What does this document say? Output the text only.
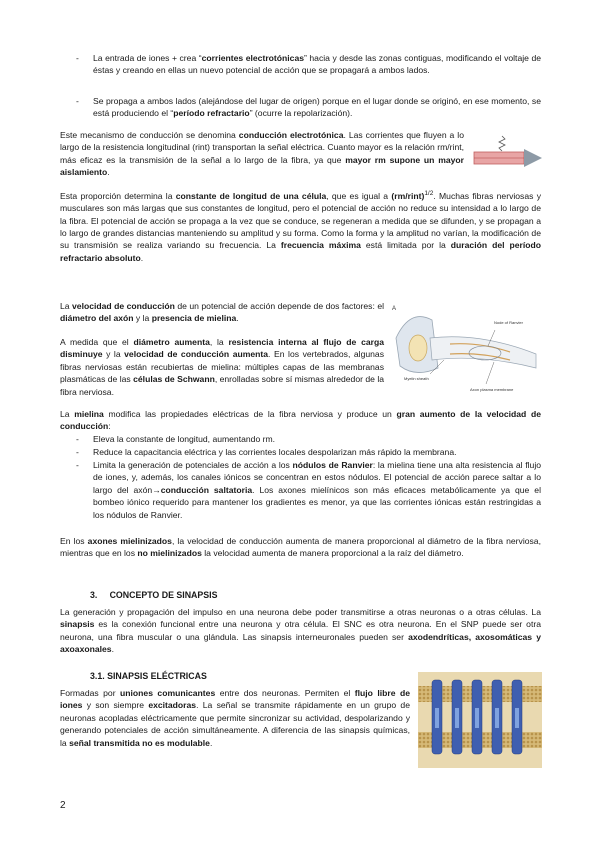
- La entrada de iones + crea “corrientes electrotónicas” hacia y desde las zonas contiguas, modificando el voltaje de éstas y creando en ellas un nuevo potencial de acción que se propagará a ambos lados.
- Se propaga a ambos lados (alejándose del lugar de origen) porque en el lugar donde se originó, en ese momento, se está produciendo el “período refractario” (ocurre la repolarización).

Este mecanismo de conducción se denomina conducción electrotónica. Las corrientes que fluyen a lo largo de la resistencia longitudinal (rint) transportan la señal eléctrica. Cuanto mayor es la relación rm/rint, más eficaz es la transmisión de la señal a lo largo de la fibra, ya que mayor rm supone un mayor aislamiento.

Esta proporción determina la constante de longitud de una célula, que es igual a (rm/rint)$^{1/2}$. Muchas fibras nerviosas y musculares son más largas que sus constantes de longitud, pero el potencial de acción no reduce su intensidad a lo largo de la fibra. El potencial de acción se propaga a la vez que se conduce, se regeneran a medida que se difunden, y se propagan a lo largo de grandes distancias manteniendo su amplitud y su forma. Como la forma y la amplitud no varían, la modificación de su transmisión se realiza variando su frecuencia. La frecuencia máxima está limitada por la duración del período refractario absoluto.

La velocidad de conducción de un potencial de acción depende de dos factores: el diámetro del axón y la presencia de mielina.

A medida que el diámetro aumenta, la resistencia interna al flujo de carga disminuye y la velocidad de conducción aumenta. En los vertebrados, algunas fibras nerviosas están recubiertas de mielina: múltiples capas de las membranas plasmáticas de las células de Schwann, enrolladas sobre sí mismas alrededor de la fibra nerviosa.

A
Node of Ranvier
Myelin sheath
Axon plasma membrane

La mielina modifica las propiedades eléctricas de la fibra nerviosa y produce un gran aumento de la velocidad de conducción:

- Eleva la constante de longitud, aumentando rm.
- Reduce la capacitancia eléctrica y las corrientes locales despolarizan más rápido la membrana.
- Limita la generación de potenciales de acción a los nódulos de Ranvier: la mielina tiene una alta resistencia al flujo de iones, y, además, los canales iónicos se concentran en estos nódulos. El potencial de acción parece saltar a lo largo del axón→conducción saltatoria. Los axones mielínicos son más eficaces metabólicamente ya que el bombeo iónico requerido para mantener los gradientes es menor, ya que las corrientes iónicas están restringidas a los nódulos de Ranvier.

En los axones mielinizados, la velocidad de conducción aumenta de manera proporcional al diámetro de la fibra nerviosa, mientras que en los no mielinizados la velocidad aumenta de manera proporcional a la raíz del diámetro.

3. CONCEPTO DE SINAPSIS

La generación y propagación del impulso en una neurona debe poder transmitirse a otras neuronas o a otras células. La sinapsis es la conexión funcional entre una neurona y otra célula. El SNC es otra neurona. En el SNP puede ser otra neurona, una fibra muscular o una glándula. Las sinapsis interneuronales pueden ser axodendríticas, axosomáticas y axoaxonales.

3.1. SINAPSIS ELÉCTRICAS

Formadas por uniones comunicantes entre dos neuronas. Permiten el flujo libre de iones y son siempre excitadoras. La señal se transmite rápidamente en un grupo de neuronas acopladas eléctricamente que permite sincronizar su actividad, despolarizando y generando potenciales de acción simultáneamente. A diferencia de las sinapsis químicas, la señal transmitida no es modulable.

2
